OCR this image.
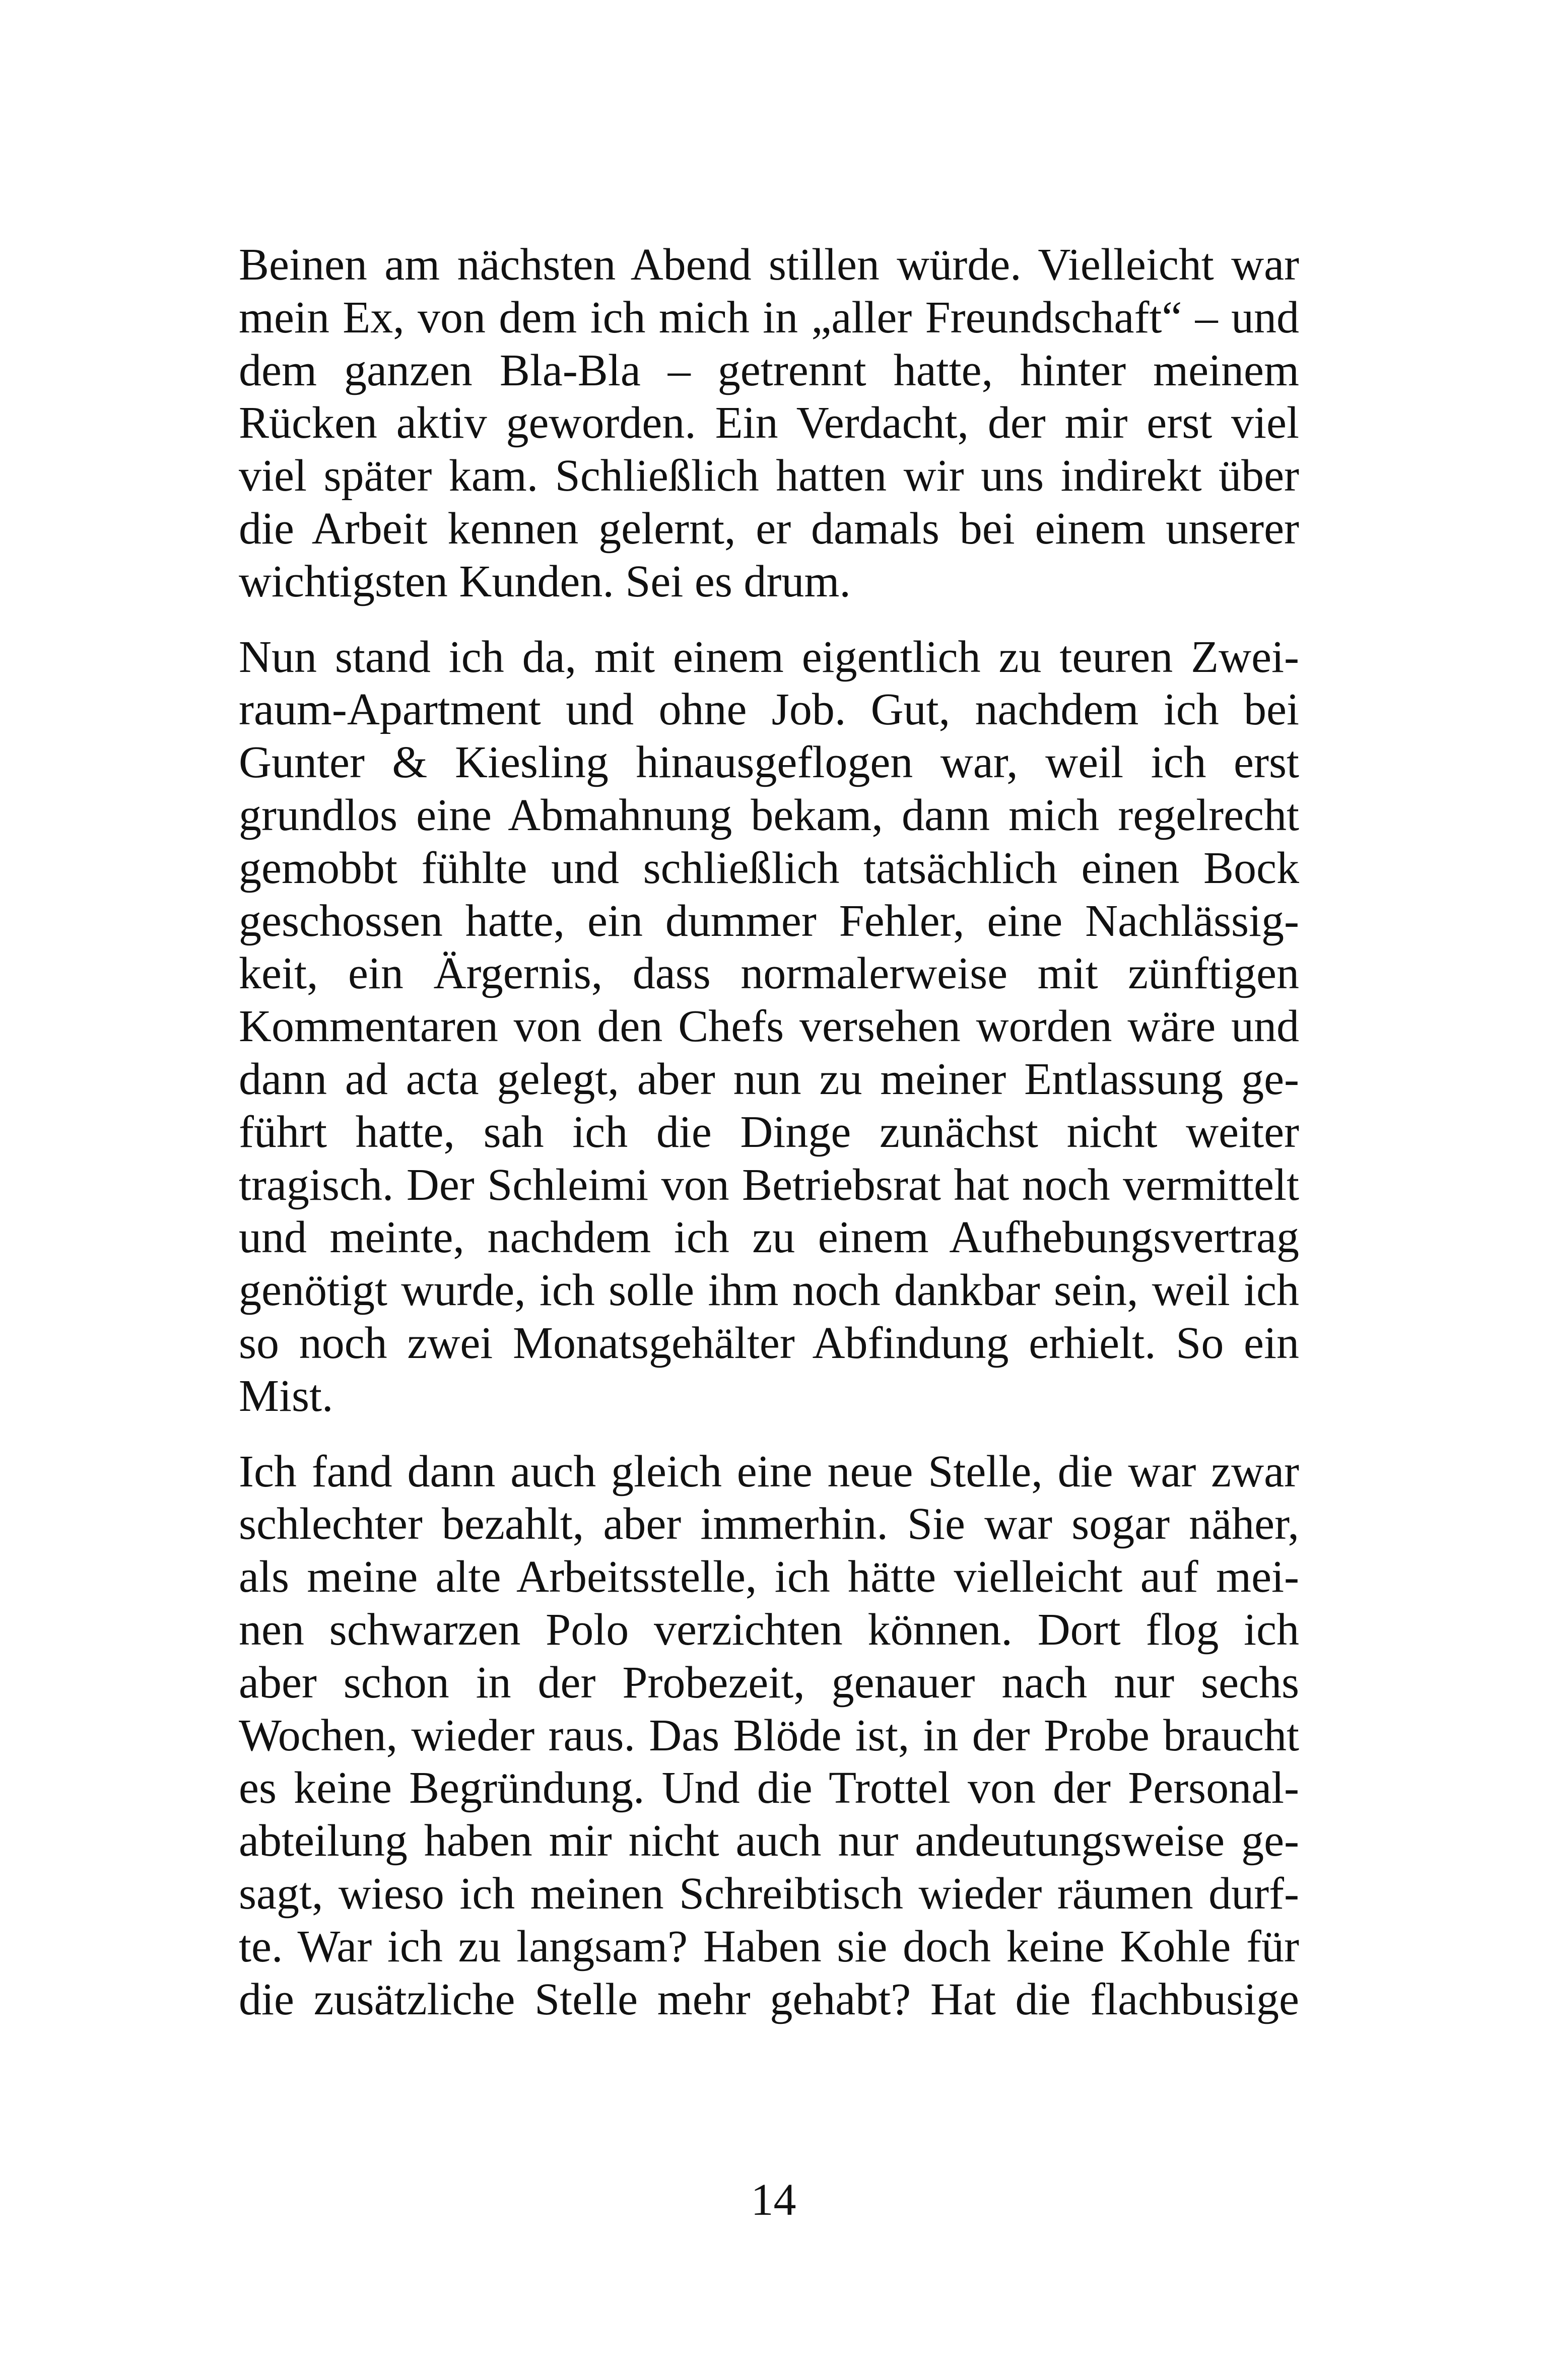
Beinen am nächsten Abend stillen würde. Vielleicht war
mein Ex, von dem ich mich in „aller Freundschaft“ – und
dem ganzen Bla-Bla – getrennt hatte, hinter meinem
Rücken aktiv geworden. Ein Verdacht, der mir erst viel
viel später kam. Schließlich hatten wir uns indirekt über
die Arbeit kennen gelernt, er damals bei einem unserer
wichtigsten Kunden. Sei es drum.
Nun stand ich da, mit einem eigentlich zu teuren Zwei-
raum-Apartment und ohne Job. Gut, nachdem ich bei
Gunter & Kiesling hinausgeflogen war, weil ich erst
grundlos eine Abmahnung bekam, dann mich regelrecht
gemobbt fühlte und schließlich tatsächlich einen Bock
geschossen hatte, ein dummer Fehler, eine Nachlässig-
keit, ein Ärgernis, dass normalerweise mit zünftigen
Kommentaren von den Chefs versehen worden wäre und
dann ad acta gelegt, aber nun zu meiner Entlassung ge-
führt hatte, sah ich die Dinge zunächst nicht weiter
tragisch. Der Schleimi von Betriebsrat hat noch vermittelt
und meinte, nachdem ich zu einem Aufhebungsvertrag
genötigt wurde, ich solle ihm noch dankbar sein, weil ich
so noch zwei Monatsgehälter Abfindung erhielt. So ein
Mist.
Ich fand dann auch gleich eine neue Stelle, die war zwar
schlechter bezahlt, aber immerhin. Sie war sogar näher,
als meine alte Arbeitsstelle, ich hätte vielleicht auf mei-
nen schwarzen Polo verzichten können. Dort flog ich
aber schon in der Probezeit, genauer nach nur sechs
Wochen, wieder raus. Das Blöde ist, in der Probe braucht
es keine Begründung. Und die Trottel von der Personal-
abteilung haben mir nicht auch nur andeutungsweise ge-
sagt, wieso ich meinen Schreibtisch wieder räumen durf-
te. War ich zu langsam? Haben sie doch keine Kohle für
die zusätzliche Stelle mehr gehabt? Hat die flachbusige
14
